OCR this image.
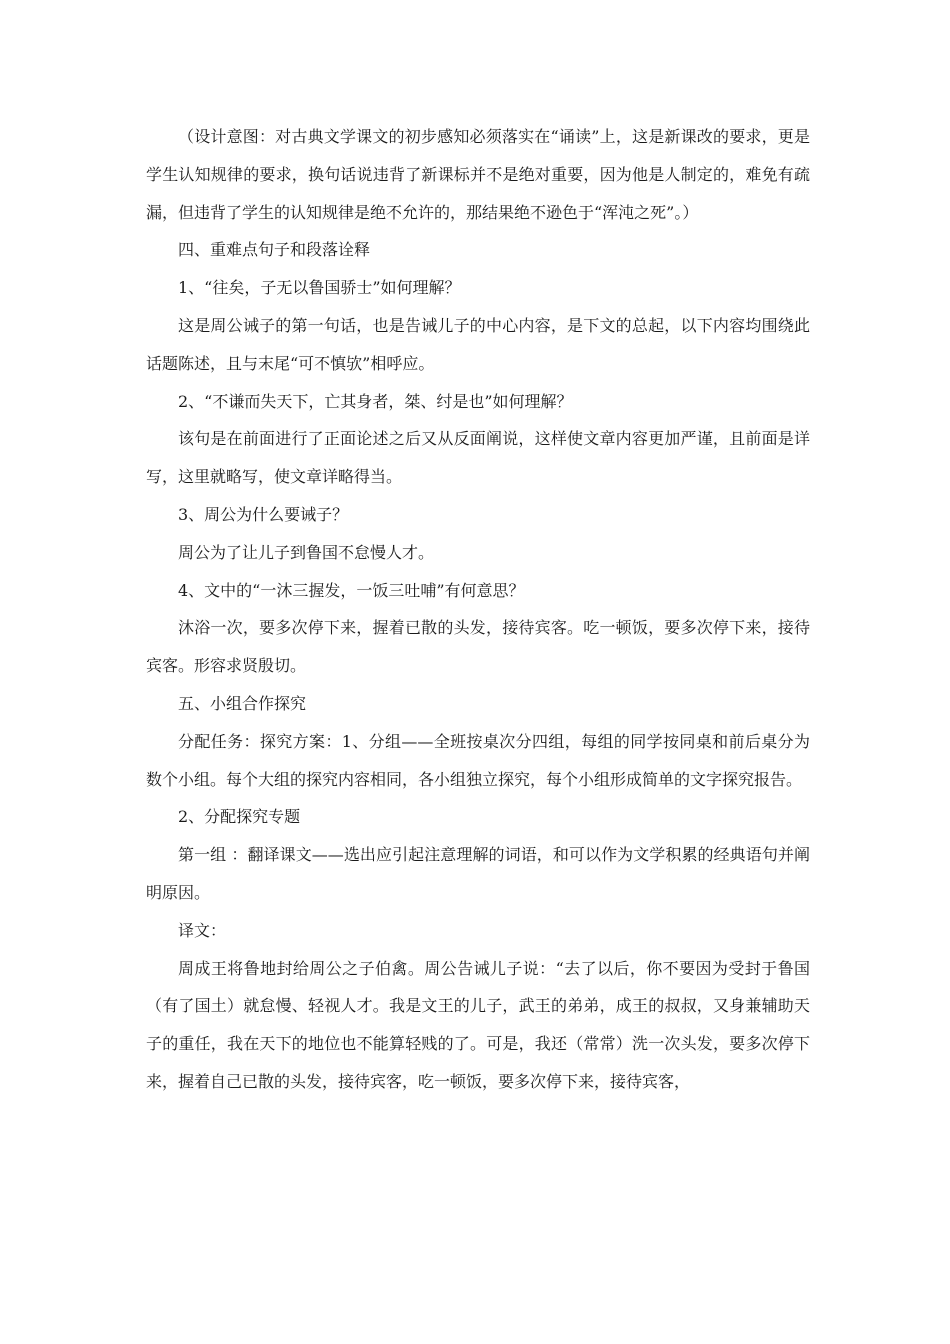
（设计意图：对古典文学课文的初步感知必须落实在“诵读”上，这是新课改的要求，更是学生认知规律的要求，换句话说违背了新课标并不是绝对重要，因为他是人制定的，难免有疏漏，但违背了学生的认知规律是绝不允许的，那结果绝不逊色于“浑沌之死”。）

四、重难点句子和段落诠释

1、“往矣，子无以鲁国骄士”如何理解？

这是周公诫子的第一句话，也是告诫儿子的中心内容，是下文的总起，以下内容均围绕此话题陈述，且与末尾“可不慎欤”相呼应。

2、“不谦而失天下，亡其身者，桀、纣是也”如何理解？

该句是在前面进行了正面论述之后又从反面阐说，这样使文章内容更加严谨，且前面是详写，这里就略写，使文章详略得当。

3、周公为什么要诫子？

周公为了让儿子到鲁国不怠慢人才。

4、文中的“一沐三握发，一饭三吐哺”有何意思？

沐浴一次，要多次停下来，握着已散的头发，接待宾客。吃一顿饭，要多次停下来，接待宾客。形容求贤殷切。

五、小组合作探究

分配任务：探究方案：1、分组——全班按桌次分四组，每组的同学按同桌和前后桌分为数个小组。每个大组的探究内容相同，各小组独立探究，每个小组形成简单的文字探究报告。

2、分配探究专题

第一组 ：翻译课文——选出应引起注意理解的词语，和可以作为文学积累的经典语句并阐明原因。

译文：

周成王将鲁地封给周公之子伯禽。周公告诫儿子说：“去了以后，你不要因为受封于鲁国（有了国土）就怠慢、轻视人才。我是文王的儿子，武王的弟弟，成王的叔叔，又身兼辅助天子的重任，我在天下的地位也不能算轻贱的了。可是，我还（常常）洗一次头发，要多次停下来，握着自己已散的头发，接待宾客，吃一顿饭，要多次停下来，接待宾客，
